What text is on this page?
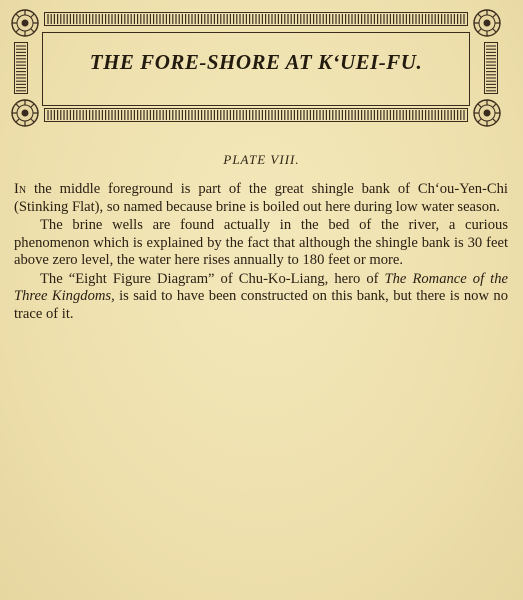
THE FORE-SHORE AT K‘UEI-FU.
PLATE VIII.

In the middle foreground is part of the great shingle bank of Ch‘ou-Yen-Chi (Stinking Flat), so named because brine is boiled out here during low water season.

The brine wells are found actually in the bed of the river, a curious phenomenon which is explained by the fact that although the shingle bank is 30 feet above zero level, the water here rises annually to 180 feet or more.

The “Eight Figure Diagram” of Chu-Ko-Liang, hero of The Romance of the Three Kingdoms, is said to have been constructed on this bank, but there is now no trace of it.
